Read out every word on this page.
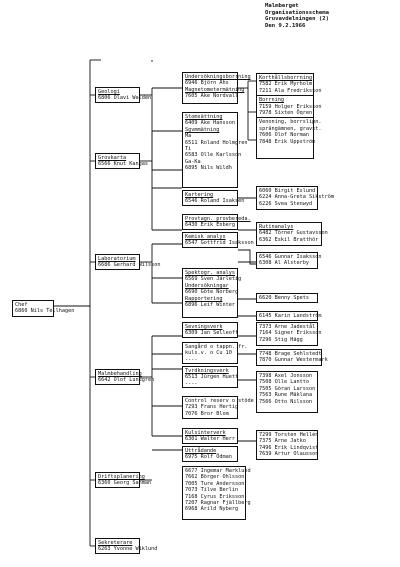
Malmberget
Organisationsschema
Gruvavdelningen (2)
Den 9.2.1966
Chef
6860 Nils Tellhagen
Geologi
6806 Olavi Waldén
Grovkarta
6566 Knut Kangas
Laboratorium
6686 Gerhard Nilsson
Malmbehandling
6642 Olof Lundgren
Driftsplanering
6360 Georg Sahman
Sekreterare
6263 Yvonne Wiklund
Undersökningsborrning
6946 Björn Åhs
Magnetometermätning
7605 Åke Nordvall
Korthållsborrning
7582 Erik Myrholm
7211 Ala Fredriksson
Borrning
7159 Holger Eriksson
7978 Sixten Öqren
Venoning, borrslipn.
sprängämnen, gravst.
7606 Olof Norman
7848 Erik Uppström
Stomsättning
6409 Åke Hansson
Sgvmmätning
Ma
6511 Roland Holmgren
Ti
6583 Olle Karlsson
Ga-Ka
6895 Nils Wildh
Kartering
6546 Roland Isaksen
6060 Birgit Eslund
6224 Anna-Greta Sikström
6226 Svea Stenwyd
Provtagn. provbereda.
6430 Erik Enberg
Kemisk analys
6547 Gottfrid Isaksson
Spektogr. analys
6569 Sven Järletig
Undersökningar
6690 Göte Norberg
Rapportering
6896 Leif Winter
Rutinanalys
6482 Törner Gustavsson
6362 Eskil Bratthör
6546 Gunnar Isaksson
6308 Al Alsterby
6620 Benny Spets
6145 Karin Landström
Sevningsverk
6309 Jan Selleoff
Sangård o tappn. fr.
kuls.v. o Cu 10
----
Tvrdkningsverk
6513 Jürgen Huett
----
Control reserv o stöde
7293 Frans Hertig
7076 Bror Blom
Kulsinterverk
6301 Walter Herr
Uttrådande
6975 Rolf Ödman
7373 Arne Jadestål
7164 Signer Eriksson
7296 Stig Hägg
7748 Brage Sehlstedt
7870 Gunnar Westermark
7398 Axel Jonsson
7508 Olle Lantto
7505 Göran Larsson
7563 Rune Mäklana
7566 Otto Nilsson
7299 Torsten Hellén
7375 Arne Jatko
7496 Erik Lindqvist
7639 Artur Olausson
6677 Ingemar Marklund
7662 Börger Ohlsson
7005 Ture Andersson
7073 Tilve Berlin
7168 Cyrus Eriksson
7207 Ragnar Fjällberg
6968 Arild Nyberg
